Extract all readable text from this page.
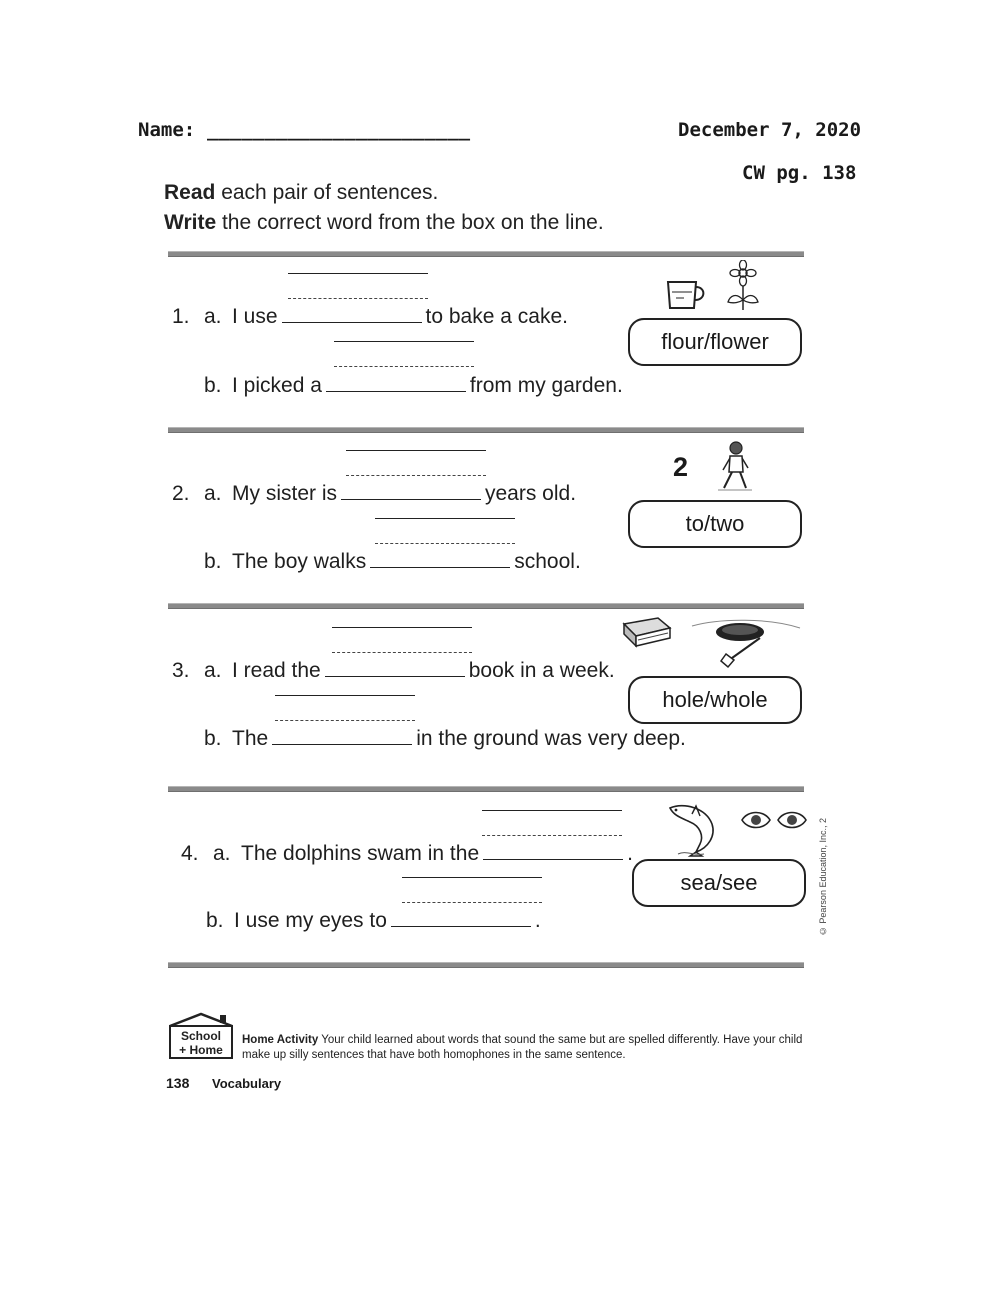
Name: _______________________	December 7, 2020
CW pg. 138
Read each pair of sentences.
Write the correct word from the box on the line.
1. a. I use	to bake a cake.
b. I picked a	from my garden.
flour/flower
2. a. My sister is	years old.
b. The boy walks	school.
2
to/two
3. a. I read the	book in a week.
b. The	in the ground was very deep.
hole/whole
4. a. The dolphins swam in the	.
b. I use my eyes to	.
sea/see	© Pearson Education, Inc., 2
School
+ Home
Home Activity Your child learned about words that sound the same but are spelled differently. Have your child make up silly sentences that have both homophones in the same sentence.
138 Vocabulary
